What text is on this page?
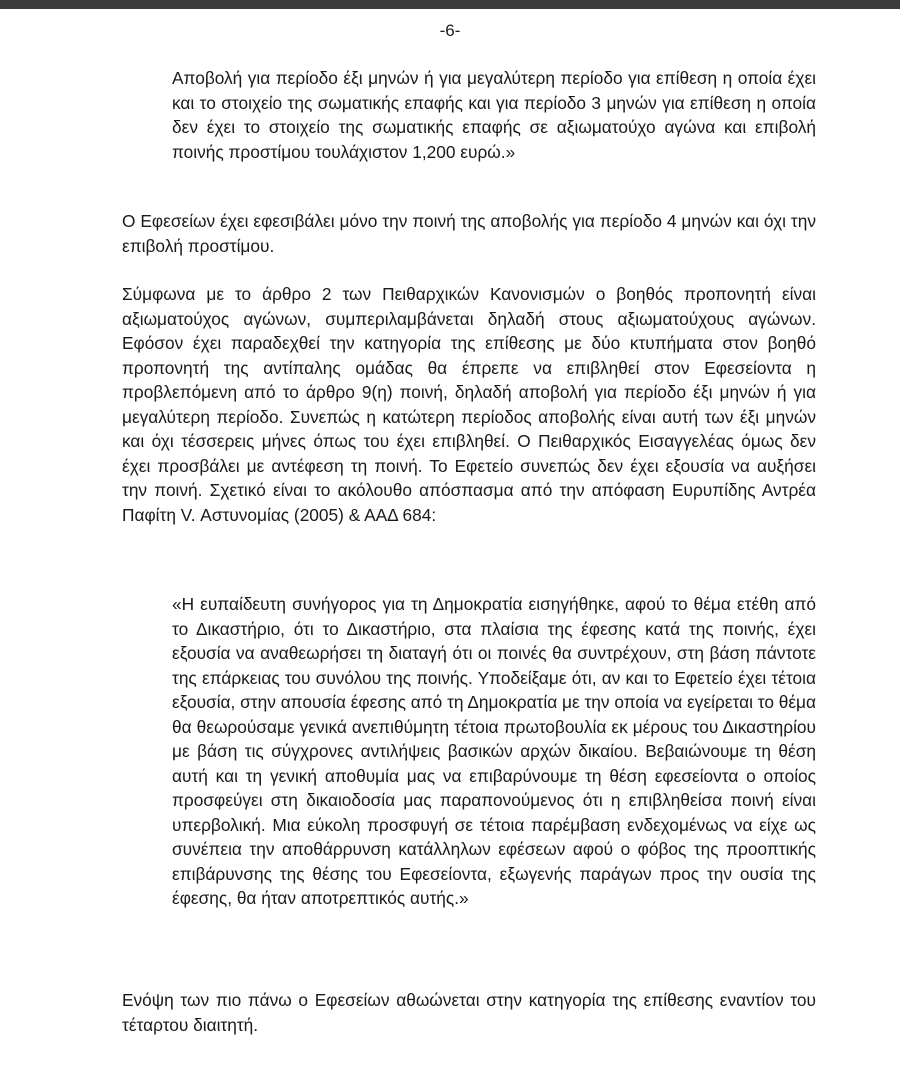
-6-

Αποβολή για περίοδο έξι μηνών ή για μεγαλύτερη περίοδο για επίθεση η οποία έχει και το στοιχείο της σωματικής επαφής και για περίοδο 3 μηνών για επίθεση η οποία δεν έχει το στοιχείο της σωματικής επαφής σε αξιωματούχο αγώνα και επιβολή ποινής προστίμου τουλάχιστον 1,200 ευρώ.»

Ο Εφεσείων έχει εφεσιβάλει μόνο την ποινή της αποβολής για περίοδο 4 μηνών και όχι την επιβολή προστίμου.

Σύμφωνα με το άρθρο 2 των Πειθαρχικών Κανονισμών ο βοηθός προπονητή είναι αξιωματούχος αγώνων, συμπεριλαμβάνεται δηλαδή στους αξιωματούχους αγώνων. Εφόσον έχει παραδεχθεί την κατηγορία της επίθεσης με δύο κτυπήματα στον βοηθό προπονητή της αντίπαλης ομάδας θα έπρεπε να επιβληθεί στον Εφεσείοντα η προβλεπόμενη από το άρθρο 9(η) ποινή, δηλαδή αποβολή για περίοδο έξι μηνών ή για μεγαλύτερη περίοδο. Συνεπώς η κατώτερη περίοδος αποβολής είναι αυτή των έξι μηνών και όχι τέσσερεις μήνες όπως του έχει επιβληθεί. Ο Πειθαρχικός Εισαγγελέας όμως δεν έχει προσβάλει με αντέφεση τη ποινή. Το Εφετείο συνεπώς δεν έχει εξουσία να αυξήσει την ποινή. Σχετικό είναι το ακόλουθο απόσπασμα από την απόφαση Ευρυπίδης Αντρέα Παφίτη V. Αστυνομίας (2005) & ΑΑΔ 684:

«Η ευπαίδευτη συνήγορος για τη Δημοκρατία εισηγήθηκε, αφού το θέμα ετέθη από το Δικαστήριο, ότι το Δικαστήριο, στα πλαίσια της έφεσης κατά της ποινής, έχει εξουσία να αναθεωρήσει τη διαταγή ότι οι ποινές θα συντρέχουν, στη βάση πάντοτε της επάρκειας του συνόλου της ποινής. Υποδείξαμε ότι, αν και το Εφετείο έχει τέτοια εξουσία, στην απουσία έφεσης από τη Δημοκρατία με την οποία να εγείρεται το θέμα θα θεωρούσαμε γενικά ανεπιθύμητη τέτοια πρωτοβουλία εκ μέρους του Δικαστηρίου με βάση τις σύγχρονες αντιλήψεις βασικών αρχών δικαίου. Βεβαιώνουμε τη θέση αυτή και τη γενική αποθυμία μας να επιβαρύνουμε τη θέση εφεσείοντα ο οποίος προσφεύγει στη δικαιοδοσία μας παραπονούμενος ότι η επιβληθείσα ποινή είναι υπερβολική. Μια εύκολη προσφυγή σε τέτοια παρέμβαση ενδεχομένως να είχε ως συνέπεια την αποθάρρυνση κατάλληλων εφέσεων αφού ο φόβος της προοπτικής επιβάρυνσης της θέσης του Εφεσείοντα, εξωγενής παράγων προς την ουσία της έφεσης, θα ήταν αποτρεπτικός αυτής.»

Ενόψη των πιο πάνω ο Εφεσείων αθωώνεται στην κατηγορία της επίθεσης εναντίον του τέταρτου διαιτητή.
